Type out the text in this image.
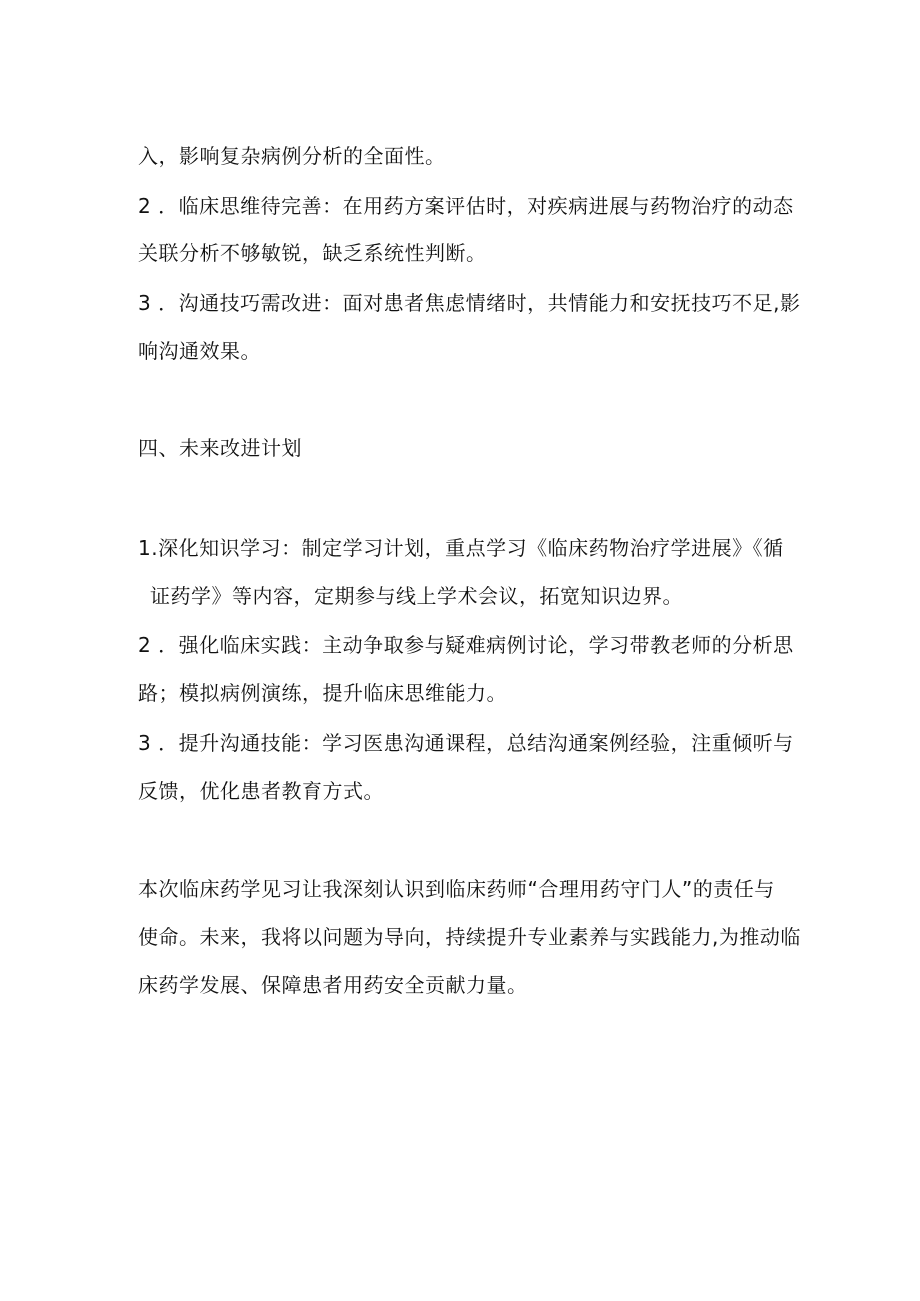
入，影响复杂病例分析的全面性。
2 ．临床思维待完善：在用药方案评估时，对疾病进展与药物治疗的动态
关联分析不够敏锐，缺乏系统性判断。
3 ．沟通技巧需改进：面对患者焦虑情绪时，共情能力和安抚技巧不足,影
响沟通效果。
四、未来改进计划
1.深化知识学习：制定学习计划，重点学习《临床药物治疗学进展》《循
证药学》等内容，定期参与线上学术会议，拓宽知识边界。
2 ．强化临床实践：主动争取参与疑难病例讨论，学习带教老师的分析思
路；模拟病例演练，提升临床思维能力。
3 ．提升沟通技能：学习医患沟通课程，总结沟通案例经验，注重倾听与
反馈，优化患者教育方式。
本次临床药学见习让我深刻认识到临床药师“合理用药守门人”的责任与
使命。未来，我将以问题为导向，持续提升专业素养与实践能力,为推动临
床药学发展、保障患者用药安全贡献力量。
